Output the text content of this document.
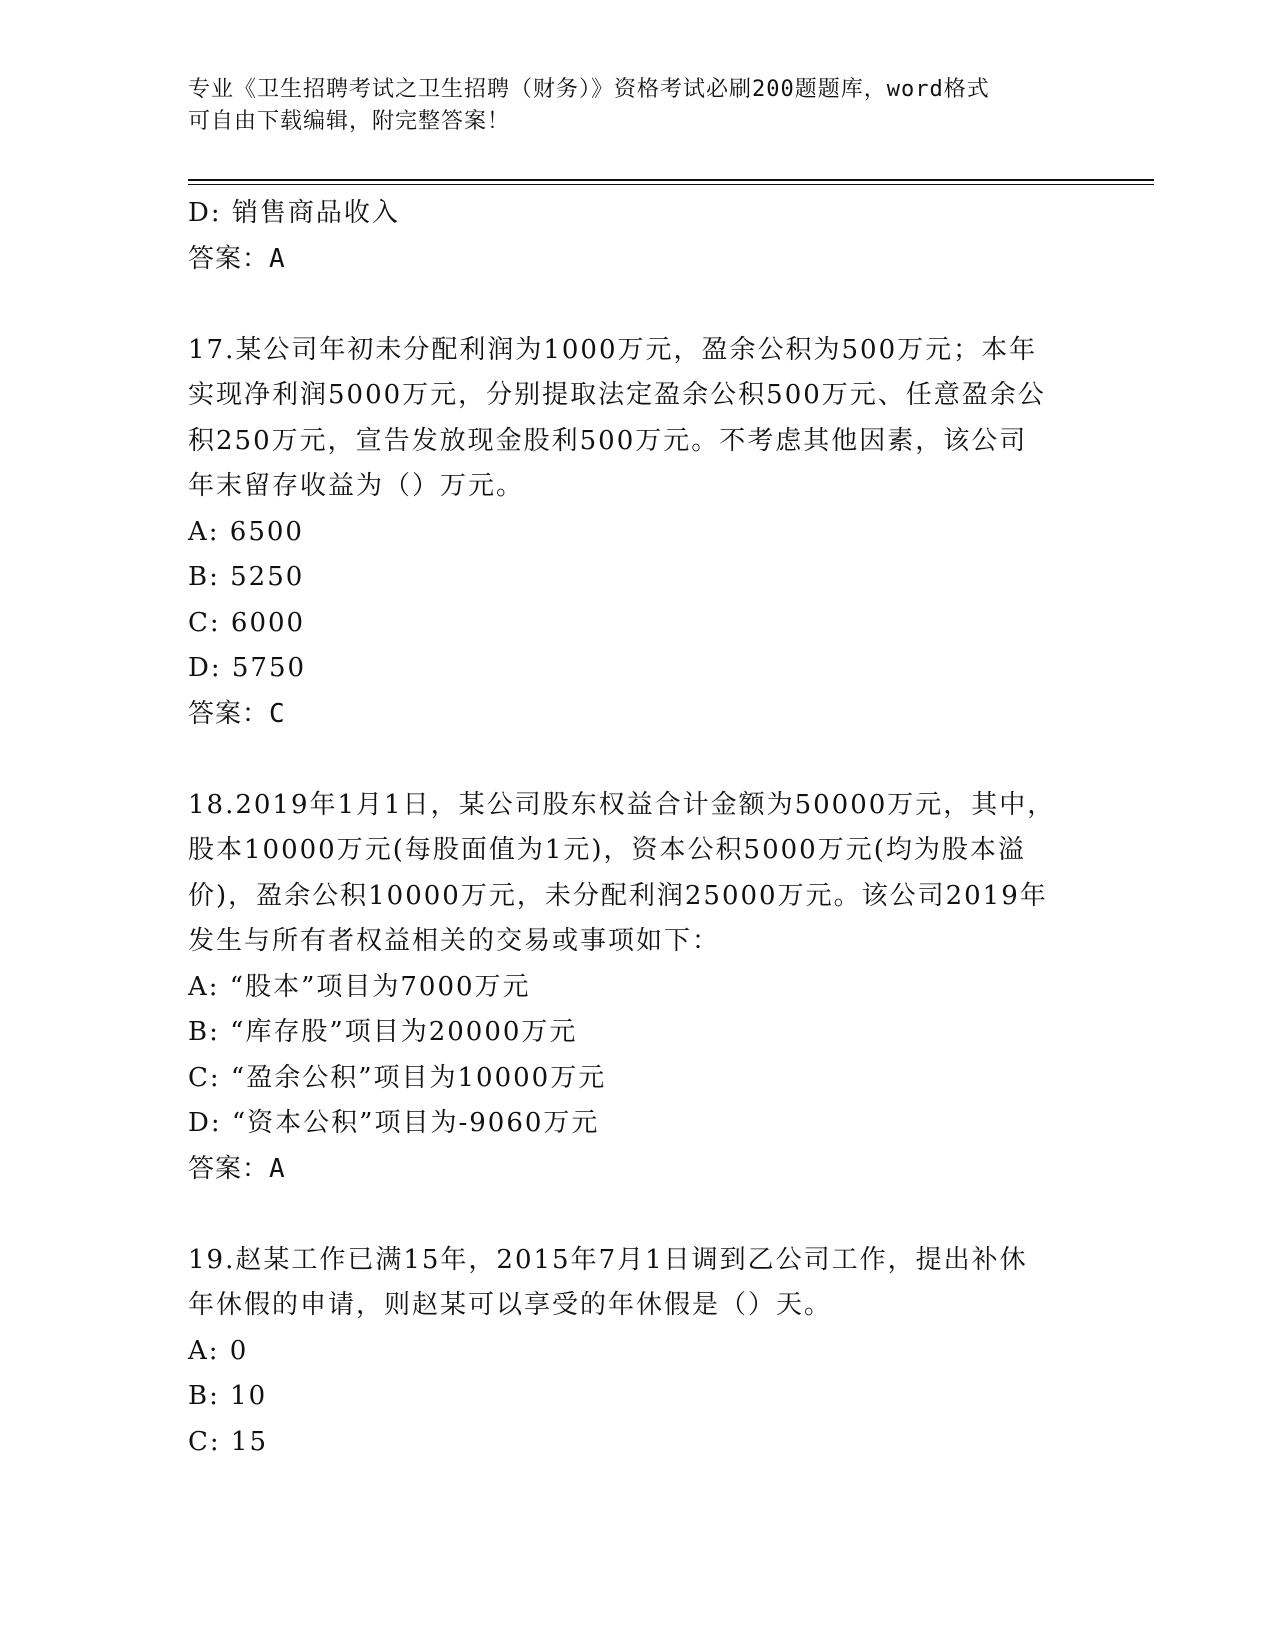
专业《卫生招聘考试之卫生招聘（财务）》资格考试必刷200题题库，word格式
可自由下载编辑，附完整答案！
D: 销售商品收入
答案：A
17.某公司年初未分配利润为1000万元，盈余公积为500万元；本年
实现净利润5000万元，分别提取法定盈余公积500万元、任意盈余公
积250万元，宣告发放现金股利500万元。不考虑其他因素，该公司
年末留存收益为（）万元。
A: 6500
B: 5250
C: 6000
D: 5750
答案：C
18.2019年1月1日，某公司股东权益合计金额为50000万元，其中，
股本10000万元(每股面值为1元)，资本公积5000万元(均为股本溢
价)，盈余公积10000万元，未分配利润25000万元。该公司2019年
发生与所有者权益相关的交易或事项如下：
A: “股本”项目为7000万元
B: “库存股”项目为20000万元
C: “盈余公积”项目为10000万元
D: “资本公积”项目为-9060万元
答案：A
19.赵某工作已满15年，2015年7月1日调到乙公司工作，提出补休
年休假的申请，则赵某可以享受的年休假是（）天。
A: 0
B: 10
C: 15
